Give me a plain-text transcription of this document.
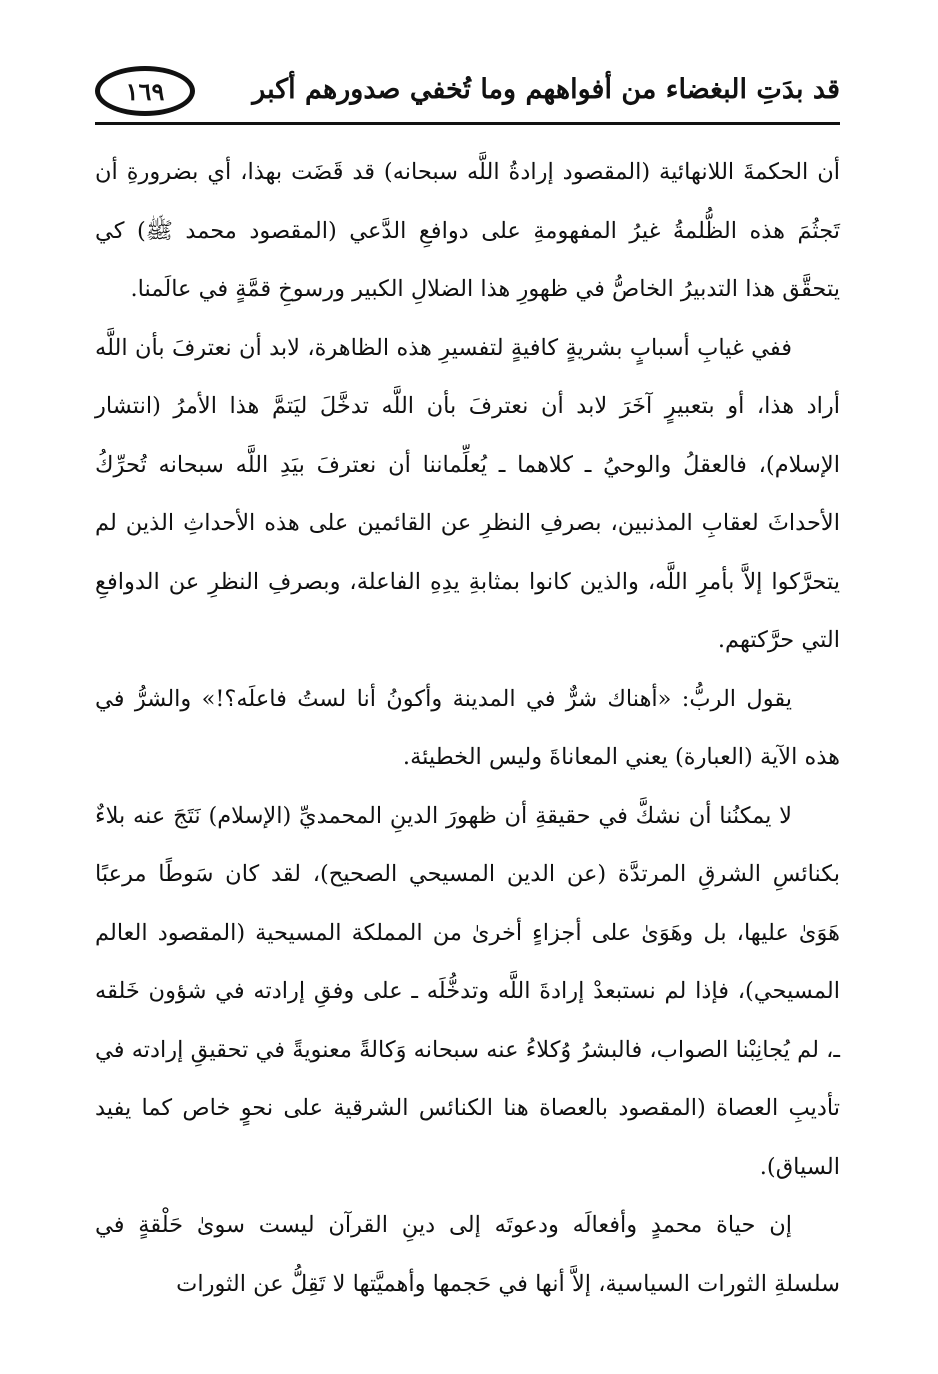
١٦٩	قد بدَتِ البغضاء من أفواههم وما تُخفي صدورهم أكبر

أن الحكمةَ اللانهائية (المقصود إرادةُ اللَّه سبحانه) قد قَضَت بهذا، أي بضرورةِ أن تَجثُمَ هذه الظُّلمةُ غيرُ المفهومةِ على دوافعِ الدَّعي (المقصود محمد ﷺ) كي يتحقَّق هذا التدبيرُ الخاصُّ في ظهورِ هذا الضلالِ الكبير ورسوخِ قمَّةٍ في عالَمنا.

ففي غيابِ أسبابٍ بشريةٍ كافيةٍ لتفسيرِ هذه الظاهرة، لابد أن نعترفَ بأن اللَّه أراد هذا، أو بتعبيرٍ آخَرَ لابد أن نعترفَ بأن اللَّه تدخَّلَ ليَتمَّ هذا الأمرُ (انتشار الإسلام)، فالعقلُ والوحيُ ـ كلاهما ـ يُعلِّماننا أن نعترفَ بيَدِ اللَّه سبحانه تُحرِّكُ الأحداثَ لعقابِ المذنبين، بصرفِ النظرِ عن القائمين على هذه الأحداثِ الذين لم يتحرَّكوا إلاَّ بأمرِ اللَّه، والذين كانوا بمثابةِ يدِهِ الفاعلة، وبصرفِ النظرِ عن الدوافعِ التي حرَّكتهم.

يقول الربُّ: «أهناك شرٌّ في المدينة وأكونُ أنا لستُ فاعلَه؟!» والشرُّ في هذه الآية (العبارة) يعني المعاناةَ وليس الخطيئة.

لا يمكنُنا أن نشكَّ في حقيقةِ أن ظهورَ الدينِ المحمديِّ (الإسلام) نَتَجَ عنه بلاءٌ بكنائسِ الشرقِ المرتدَّة (عن الدين المسيحي الصحيح)، لقد كان سَوطًا مرعبًا هَوَىٰ عليها، بل وهَوَىٰ على أجزاءٍ أخرىٰ من المملكة المسيحية (المقصود العالم المسيحي)، فإذا لم نستبعدْ إرادةَ اللَّه وتدخُّلَه ـ على وفقِ إرادته في شؤون خَلقه ـ، لم يُجانِبْنا الصواب، فالبشرُ وُكلاءُ عنه سبحانه وَكالةً معنويةً في تحقيقِ إرادته في تأديبِ العصاة (المقصود بالعصاة هنا الكنائس الشرقية على نحوٍ خاص كما يفيد السياق).

إن حياة محمدٍ وأفعالَه ودعوتَه إلى دينِ القرآن ليست سوىٰ حَلْقةٍ في سلسلةِ الثورات السياسية، إلاَّ أنها في حَجمها وأهميَّتها لا تَقِلُّ عن الثورات
